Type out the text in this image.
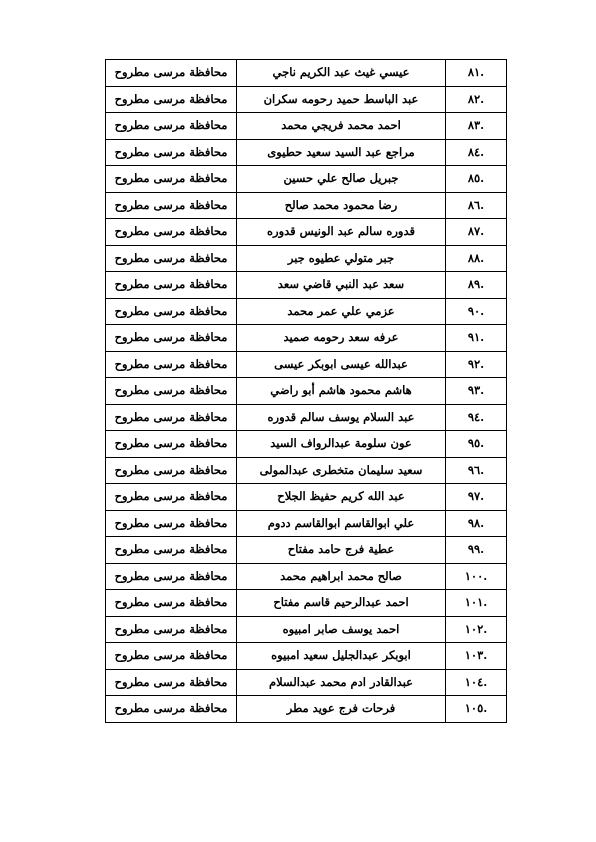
.٨١	عيسي غيث عبد الكريم ناجي	محافظة مرسى مطروح
.٨٢	عبد الباسط حميد رحومه سكران	محافظة مرسى مطروح
.٨٣	احمد محمد فريجي محمد	محافظة مرسى مطروح
.٨٤	مراجع عبد السيد سعيد حطيوى	محافظة مرسى مطروح
.٨٥	جبريل صالح علي حسين	محافظة مرسى مطروح
.٨٦	رضا محمود محمد صالح	محافظة مرسى مطروح
.٨٧	قدوره سالم عبد الونيس قدوره	محافظة مرسى مطروح
.٨٨	جبر متولي عطيوه جبر	محافظة مرسى مطروح
.٨٩	سعد عبد النبي قاضي سعد	محافظة مرسى مطروح
.٩٠	عزمي علي عمر محمد	محافظة مرسى مطروح
.٩١	عرفه سعد رحومه صميد	محافظة مرسى مطروح
.٩٢	عبدالله عيسى ابوبكر عيسى	محافظة مرسى مطروح
.٩٣	هاشم محمود هاشم أبو راضي	محافظة مرسى مطروح
.٩٤	عبد السلام يوسف سالم قدوره	محافظة مرسى مطروح
.٩٥	عون سلومة عبدالرواف السيد	محافظة مرسى مطروح
.٩٦	سعيد سليمان متخطرى عبدالمولى	محافظة مرسى مطروح
.٩٧	عبد الله كريم حفيظ الجلاح	محافظة مرسى مطروح
.٩٨	علي ابوالقاسم ابوالقاسم ددوم	محافظة مرسى مطروح
.٩٩	عطية فرج حامد مفتاح	محافظة مرسى مطروح
.١٠٠	صالح محمد ابراهيم محمد	محافظة مرسى مطروح
.١٠١	احمد عبدالرحيم قاسم مفتاح	محافظة مرسى مطروح
.١٠٢	احمد يوسف صابر امبيوه	محافظة مرسى مطروح
.١٠٣	ابوبكر عبدالجليل سعيد امبيوه	محافظة مرسى مطروح
.١٠٤	عبدالقادر ادم محمد عبدالسلام	محافظة مرسى مطروح
.١٠٥	فرحات فرج عويد مطر	محافظة مرسى مطروح
